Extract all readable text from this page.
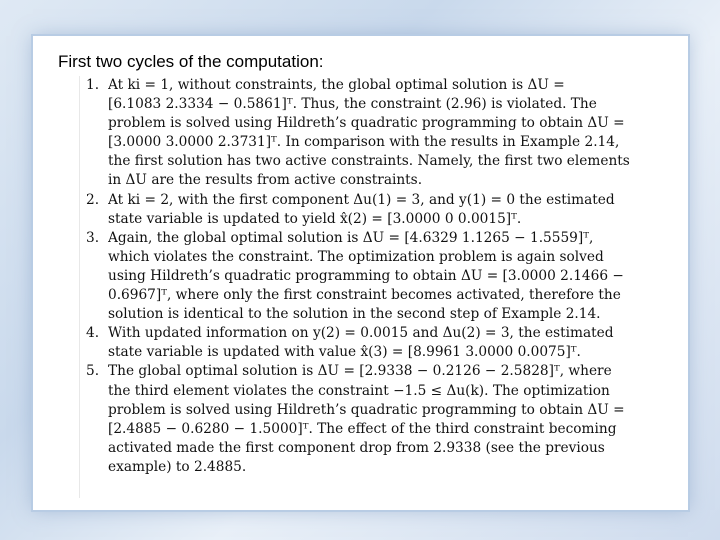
First two cycles of the computation:
1. At ki = 1, without constraints, the global optimal solution is ΔU =
[6.1083 2.3334 − 0.5861]ᵀ. Thus, the constraint (2.96) is violated. The
problem is solved using Hildreth’s quadratic programming to obtain ΔU =
[3.0000 3.0000 2.3731]ᵀ. In comparison with the results in Example 2.14,
the first solution has two active constraints. Namely, the first two elements
in ΔU are the results from active constraints.
2. At ki = 2, with the first component Δu(1) = 3, and y(1) = 0 the estimated
state variable is updated to yield x̂(2) = [3.0000 0 0.0015]ᵀ.
3. Again, the global optimal solution is ΔU = [4.6329 1.1265 − 1.5559]ᵀ,
which violates the constraint. The optimization problem is again solved
using Hildreth’s quadratic programming to obtain ΔU = [3.0000 2.1466 −
0.6967]ᵀ, where only the first constraint becomes activated, therefore the
solution is identical to the solution in the second step of Example 2.14.
4. With updated information on y(2) = 0.0015 and Δu(2) = 3, the estimated
state variable is updated with value x̂(3) = [8.9961 3.0000 0.0075]ᵀ.
5. The global optimal solution is ΔU = [2.9338 − 0.2126 − 2.5828]ᵀ, where
the third element violates the constraint −1.5 ≤ Δu(k). The optimization
problem is solved using Hildreth’s quadratic programming to obtain ΔU =
[2.4885 − 0.6280 − 1.5000]ᵀ. The effect of the third constraint becoming
activated made the first component drop from 2.9338 (see the previous
example) to 2.4885.
